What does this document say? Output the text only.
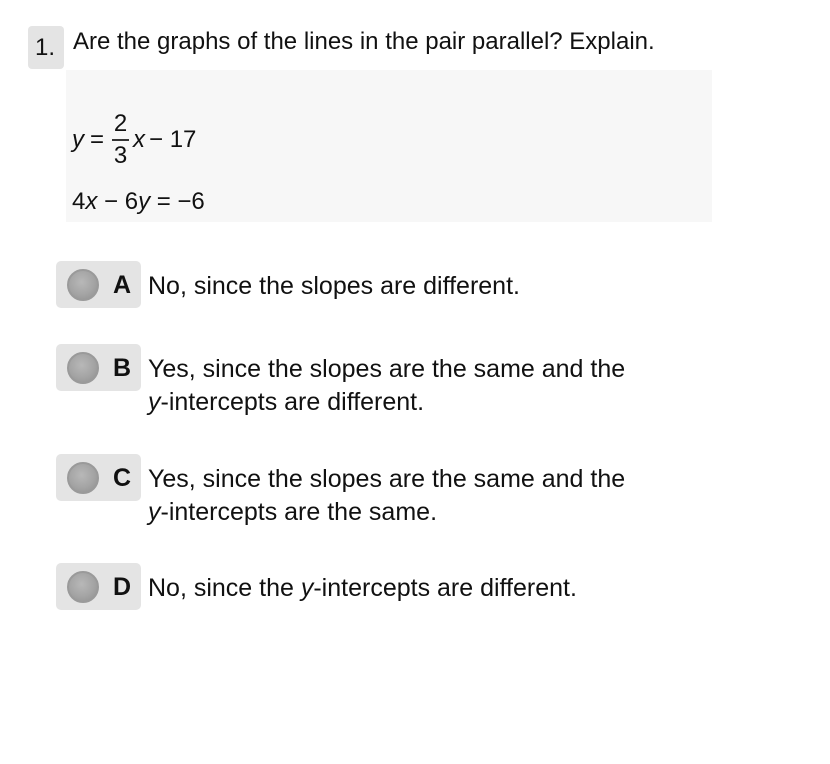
1. Are the graphs of the lines in the pair parallel? Explain.
$y = \frac{2}{3}$ x − 17
4x − 6y = −6
A No, since the slopes are different.
B Yes, since the slopes are the same and the
y-intercepts are different.
C Yes, since the slopes are the same and the
y-intercepts are the same.
D No, since the y-intercepts are different.
